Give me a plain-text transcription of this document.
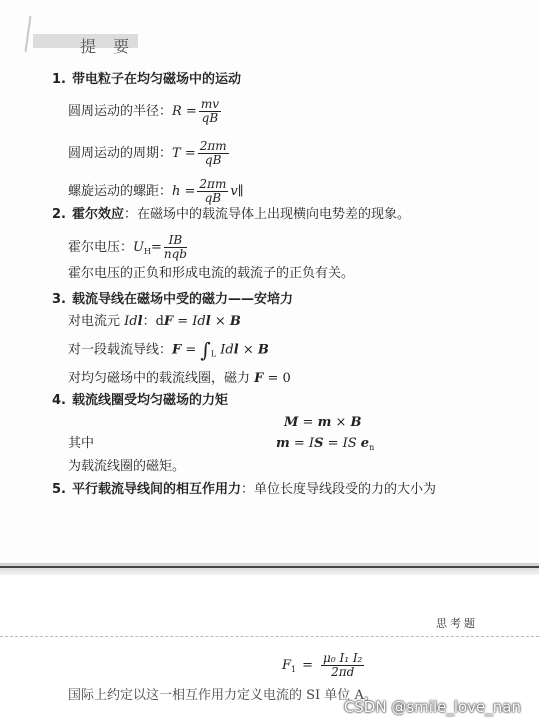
提 要
1. 带电粒子在均匀磁场中的运动
圆周运动的半径：$R = \frac{mv}{qB}$
圆周运动的周期：$T = \frac{2\pi m}{qB}$
螺旋运动的螺距：$h = \frac{2\pi m}{qB}$ v∥
2. 霍尔效应：在磁场中的载流导体上出现横向电势差的现象。
霍尔电压：$U_H= \frac{IB}{\text{nqb}}$
霍尔电压的正负和形成电流的载流子的正负有关。
3. 载流导线在磁场中受的磁力——安培力
对电流元 Idl：dF = Idl × B
对一段载流导线：$F = \int_L$ Idl × B
对均匀磁场中的载流线圈，磁力 F = 0
4. 载流线圈受均匀磁场的力矩
M = m × B
其中	m = IS = IS $e_n$
为载流线圈的磁矩。
5. 平行载流导线间的相互作用力：单位长度导线段受的力的大小为
思考题
$F_1 = \frac{\text{μ₀ I₁ I₂}}{2\pi d}$
国际上约定以这一相互作用力定义电流的 SI 单位 A。
CSDN @smile_love_nan
